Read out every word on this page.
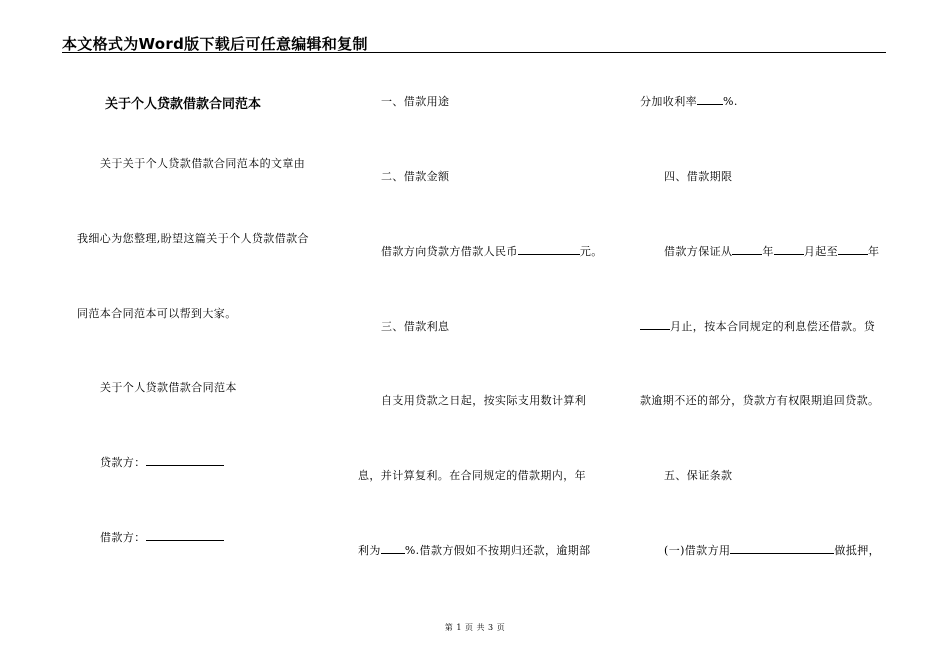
本文格式为Word版下载后可任意编辑和复制
关于个人贷款借款合同范本
关于关于个人贷款借款合同范本的文章由
我细心为您整理,盼望这篇关于个人贷款借款合
同范本合同范本可以帮到大家。
关于个人贷款借款合同范本
贷款方：
借款方：
一、借款用途
二、借款金额
借款方向贷款方借款人民币	元。
三、借款利息
自支用贷款之日起，按实际支用数计算利
息，并计算复利。在合同规定的借款期内，年
利为 %.借款方假如不按期归还款，逾期部
分加收利率 %.
四、借款期限
借款方保证从	年	月起至	年
月止，按本合同规定的利息偿还借款。贷
款逾期不还的部分，贷款方有权限期追回贷款。
五、保证条款
(一)借款方用	做抵押，
第 1 页 共 3 页
